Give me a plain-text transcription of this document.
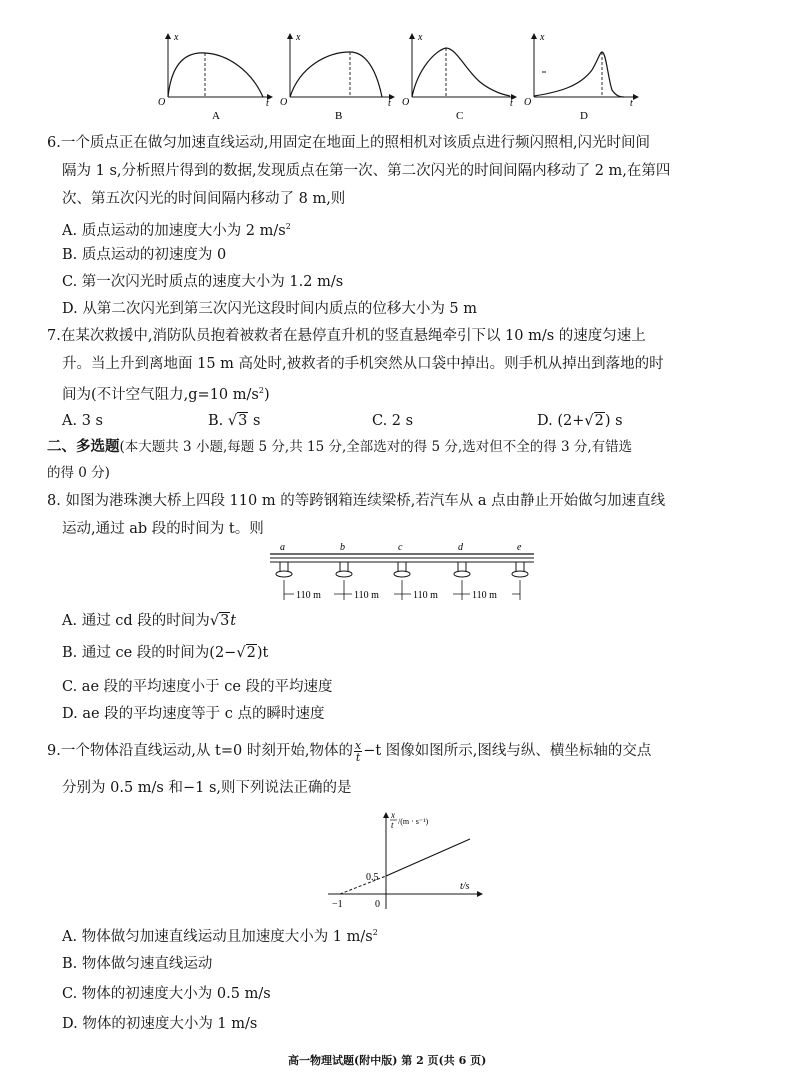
x
t
O
A
x
t
O
B
x
t
O
C
x
t
O
D
6.一个质点正在做匀加速直线运动,用固定在地面上的照相机对该质点进行频闪照相,闪光时间间
隔为 1 s,分析照片得到的数据,发现质点在第一次、第二次闪光的时间间隔内移动了 2 m,在第四
次、第五次闪光的时间间隔内移动了 8 m,则
A. 质点运动的加速度大小为 2 $m/s^2$
B. 质点运动的初速度为 0
C. 第一次闪光时质点的速度大小为 1.2 m/s
D. 从第二次闪光到第三次闪光这段时间内质点的位移大小为 5 m
7.在某次救援中,消防队员抱着被救者在悬停直升机的竖直悬绳牵引下以 10 m/s 的速度匀速上
升。当上升到离地面 15 m 高处时,被救者的手机突然从口袋中掉出。则手机从掉出到落地的时
间为(不计空气阻力,g=10 $m/s^2$)
A. 3 s	B. √3 s	C. 2 s	D. (2+√2) s
二、多选题(本大题共 3 小题,每题 5 分,共 15 分,全部选对的得 5 分,选对但不全的得 3 分,有错选
的得 0 分)
8. 如图为港珠澳大桥上四段 110 m 的等跨钢箱连续梁桥,若汽车从 a 点由静止开始做匀加速直线
运动,通过 ab 段的时间为 t。则
a	b	c	d	e
110 m	110 m	110 m	110 m
A. 通过 cd 段的时间为√3t
B. 通过 ce 段的时间为(2−√2)t
C. ae 段的平均速度小于 ce 段的平均速度
D. ae 段的平均速度等于 c 点的瞬时速度
9.一个物体沿直线运动,从 t=0 时刻开始,物体的 $\frac{x}{t} -t$ 图像如图所示,图线与纵、横坐标轴的交点
分别为 0.5 m/s 和−1 s,则下列说法正确的是
x
t /(m · s⁻¹)
0.5
t/s
0
−1
A. 物体做匀加速直线运动且加速度大小为 1 $m/s^2$
B. 物体做匀速直线运动
C. 物体的初速度大小为 0.5 m/s
D. 物体的初速度大小为 1 m/s
高一物理试题(附中版) 第 2 页(共 6 页)
